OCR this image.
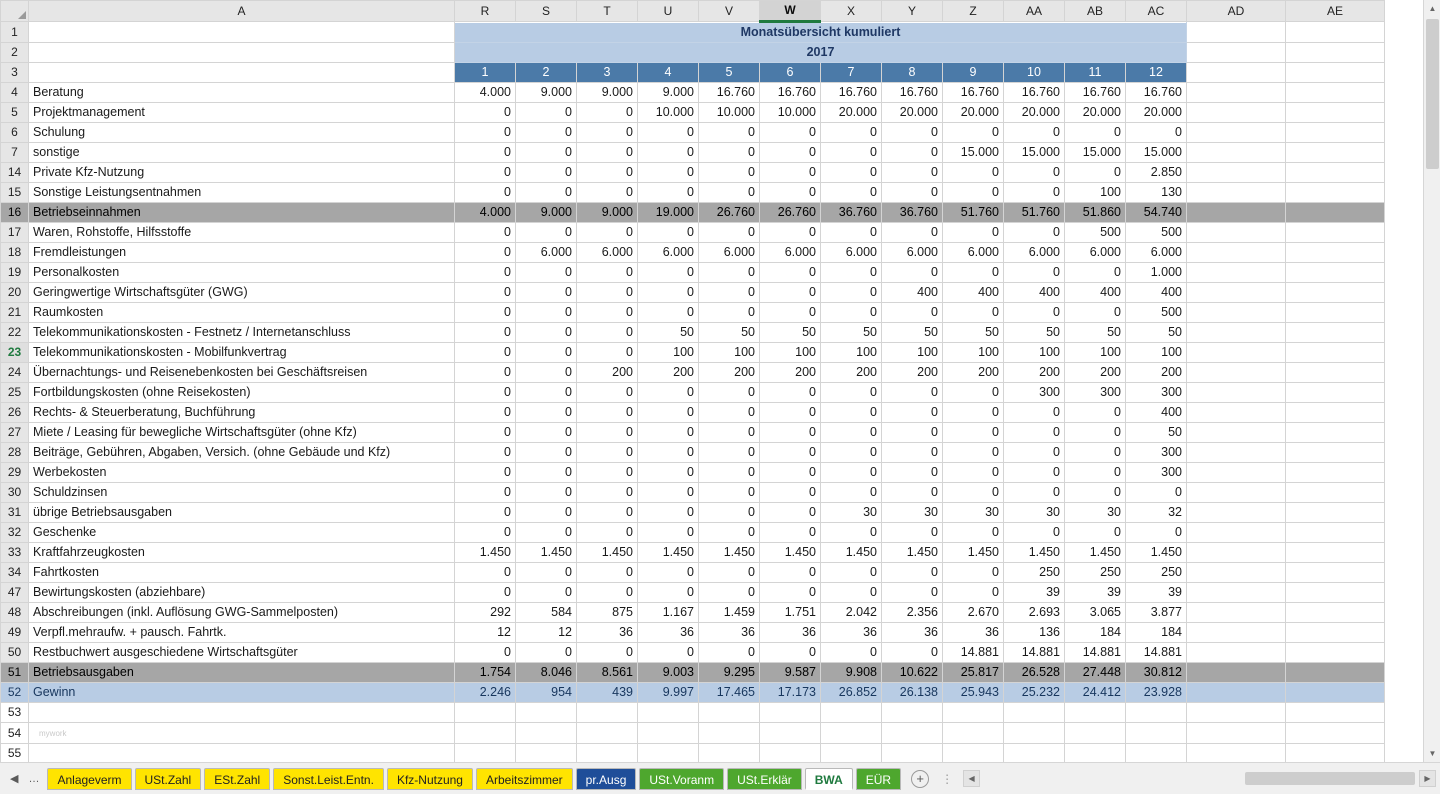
	A	R	S	T	U	V	W	X	Y	Z	AA	AB	AC	AD	AE
1		Monatsübersicht kumuliert													
2		2017													
3		1	2	3	4	5	6	7	8	9	10	11	12		
4	Beratung	4.000	9.000	9.000	9.000	16.760	16.760	16.760	16.760	16.760	16.760	16.760	16.760		
5	Projektmanagement	0	0	0	10.000	10.000	10.000	20.000	20.000	20.000	20.000	20.000	20.000		
6	Schulung	0	0	0	0	0	0	0	0	0	0	0	0		
7	sonstige	0	0	0	0	0	0	0	0	15.000	15.000	15.000	15.000		
14	Private Kfz-Nutzung	0	0	0	0	0	0	0	0	0	0	0	2.850		
15	Sonstige Leistungsentnahmen	0	0	0	0	0	0	0	0	0	0	100	130		
16	Betriebseinnahmen	4.000	9.000	9.000	19.000	26.760	26.760	36.760	36.760	51.760	51.760	51.860	54.740		
17	Waren, Rohstoffe, Hilfsstoffe	0	0	0	0	0	0	0	0	0	0	500	500		
18	Fremdleistungen	0	6.000	6.000	6.000	6.000	6.000	6.000	6.000	6.000	6.000	6.000	6.000		
19	Personalkosten	0	0	0	0	0	0	0	0	0	0	0	1.000		
20	Geringwertige Wirtschaftsgüter (GWG)	0	0	0	0	0	0	0	400	400	400	400	400		
21	Raumkosten	0	0	0	0	0	0	0	0	0	0	0	500		
22	Telekommunikationskosten - Festnetz / Internetanschluss	0	0	0	50	50	50	50	50	50	50	50	50		
23	Telekommunikationskosten - Mobilfunkvertrag	0	0	0	100	100	100	100	100	100	100	100	100		
24	Übernachtungs- und Reisenebenkosten bei Geschäftsreisen	0	0	200	200	200	200	200	200	200	200	200	200		
25	Fortbildungskosten (ohne Reisekosten)	0	0	0	0	0	0	0	0	0	300	300	300		
26	Rechts- & Steuerberatung, Buchführung	0	0	0	0	0	0	0	0	0	0	0	400		
27	Miete / Leasing für bewegliche Wirtschaftsgüter (ohne Kfz)	0	0	0	0	0	0	0	0	0	0	0	50		
28	Beiträge, Gebühren, Abgaben, Versich. (ohne Gebäude und Kfz)	0	0	0	0	0	0	0	0	0	0	0	300		
29	Werbekosten	0	0	0	0	0	0	0	0	0	0	0	300		
30	Schuldzinsen	0	0	0	0	0	0	0	0	0	0	0	0		
31	übrige Betriebsausgaben	0	0	0	0	0	0	30	30	30	30	30	32		
32	Geschenke	0	0	0	0	0	0	0	0	0	0	0	0		
33	Kraftfahrzeugkosten	1.450	1.450	1.450	1.450	1.450	1.450	1.450	1.450	1.450	1.450	1.450	1.450		
34	Fahrtkosten	0	0	0	0	0	0	0	0	0	250	250	250		
47	Bewirtungskosten (abziehbare)	0	0	0	0	0	0	0	0	0	39	39	39		
48	Abschreibungen (inkl. Auflösung GWG-Sammelposten)	292	584	875	1.167	1.459	1.751	2.042	2.356	2.670	2.693	3.065	3.877		
49	Verpfl.mehraufw. + pausch. Fahrtk.	12	12	36	36	36	36	36	36	36	136	184	184		
50	Restbuchwert ausgeschiedene Wirtschaftsgüter	0	0	0	0	0	0	0	0	14.881	14.881	14.881	14.881		
51	Betriebsausgaben	1.754	8.046	8.561	9.003	9.295	9.587	9.908	10.622	25.817	26.528	27.448	30.812		
52	Gewinn	2.246	954	439	9.997	17.465	17.173	26.852	26.138	25.943	25.232	24.412	23.928		
53															
54	mywork														
55															
▲
▼
◀ …	Anlageverm	USt.Zahl	ESt.Zahl	Sonst.Leist.Entn.	Kfz-Nutzung	Arbeitszimmer	pr.Ausg	USt.Voranm	USt.Erklär	BWA	EÜR	+	⋮	◀	▶
